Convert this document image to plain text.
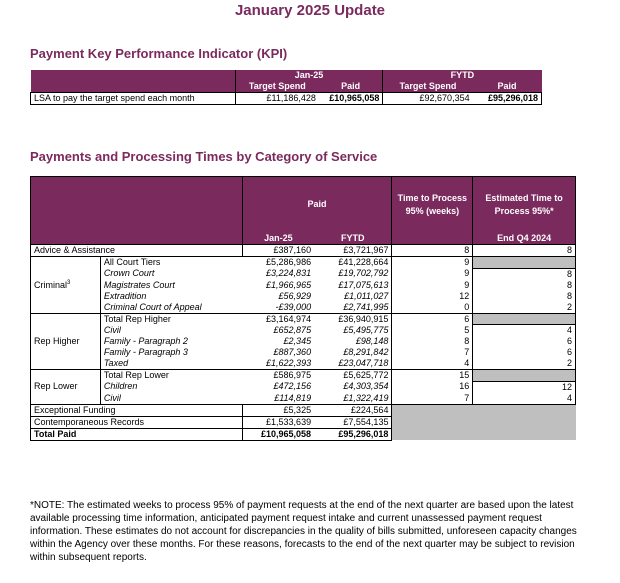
January 2025 Update
Payment Key Performance Indicator (KPI)
	Jan-25		FYTD	
	Target Spend	Paid	Target Spend	Paid
LSA to pay the target spend each month	£11,186,428	£10,965,058	£92,670,354	£95,296,018
Payments and Processing Times by Category of Service
		Paid		Time to Process 95% (weeks)	Estimated Time to Process 95%*
		Jan-25	FYTD		End Q4 2024
Advice & Assistance		£387,160	£3,721,967	8	8
Criminal$^3$	All Court Tiers	£5,286,986	£41,228,664	9	
	Crown Court	£3,224,831	£19,702,792	9	8
	Magistrates Court	£1,966,965	£17,075,613	9	8
	Extradition	£56,929	£1,011,027	12	8
	Criminal Court of Appeal	-£39,000	£2,741,995	0	2
Rep Higher	Total Rep Higher	£3,164,974	£36,940,915	6	
	Civil	£652,875	£5,495,775	5	4
	Family - Paragraph 2	£2,345	£98,148	8	6
	Family - Paragraph 3	£887,360	£8,291,842	7	6
	Taxed	£1,622,393	£23,047,718	4	2
Rep Lower	Total Rep Lower	£586,975	£5,625,772	15	
	Children	£472,156	£4,303,354	16	12
	Civil	£114,819	£1,322,419	7	4
Exceptional Funding		£5,325	£224,564		
Contemporaneous Records		£1,533,639	£7,554,135		
Total Paid		£10,965,058	£95,296,018		
*NOTE: The estimated weeks to process 95% of payment requests at the end of the next quarter are based upon the latest available processing time information, anticipated payment request intake and current unassessed payment request information. These estimates do not account for discrepancies in the quality of bills submitted, unforeseen capacity changes within the Agency over these months. For these reasons, forecasts to the end of the next quarter may be subject to revision within subsequent reports.
